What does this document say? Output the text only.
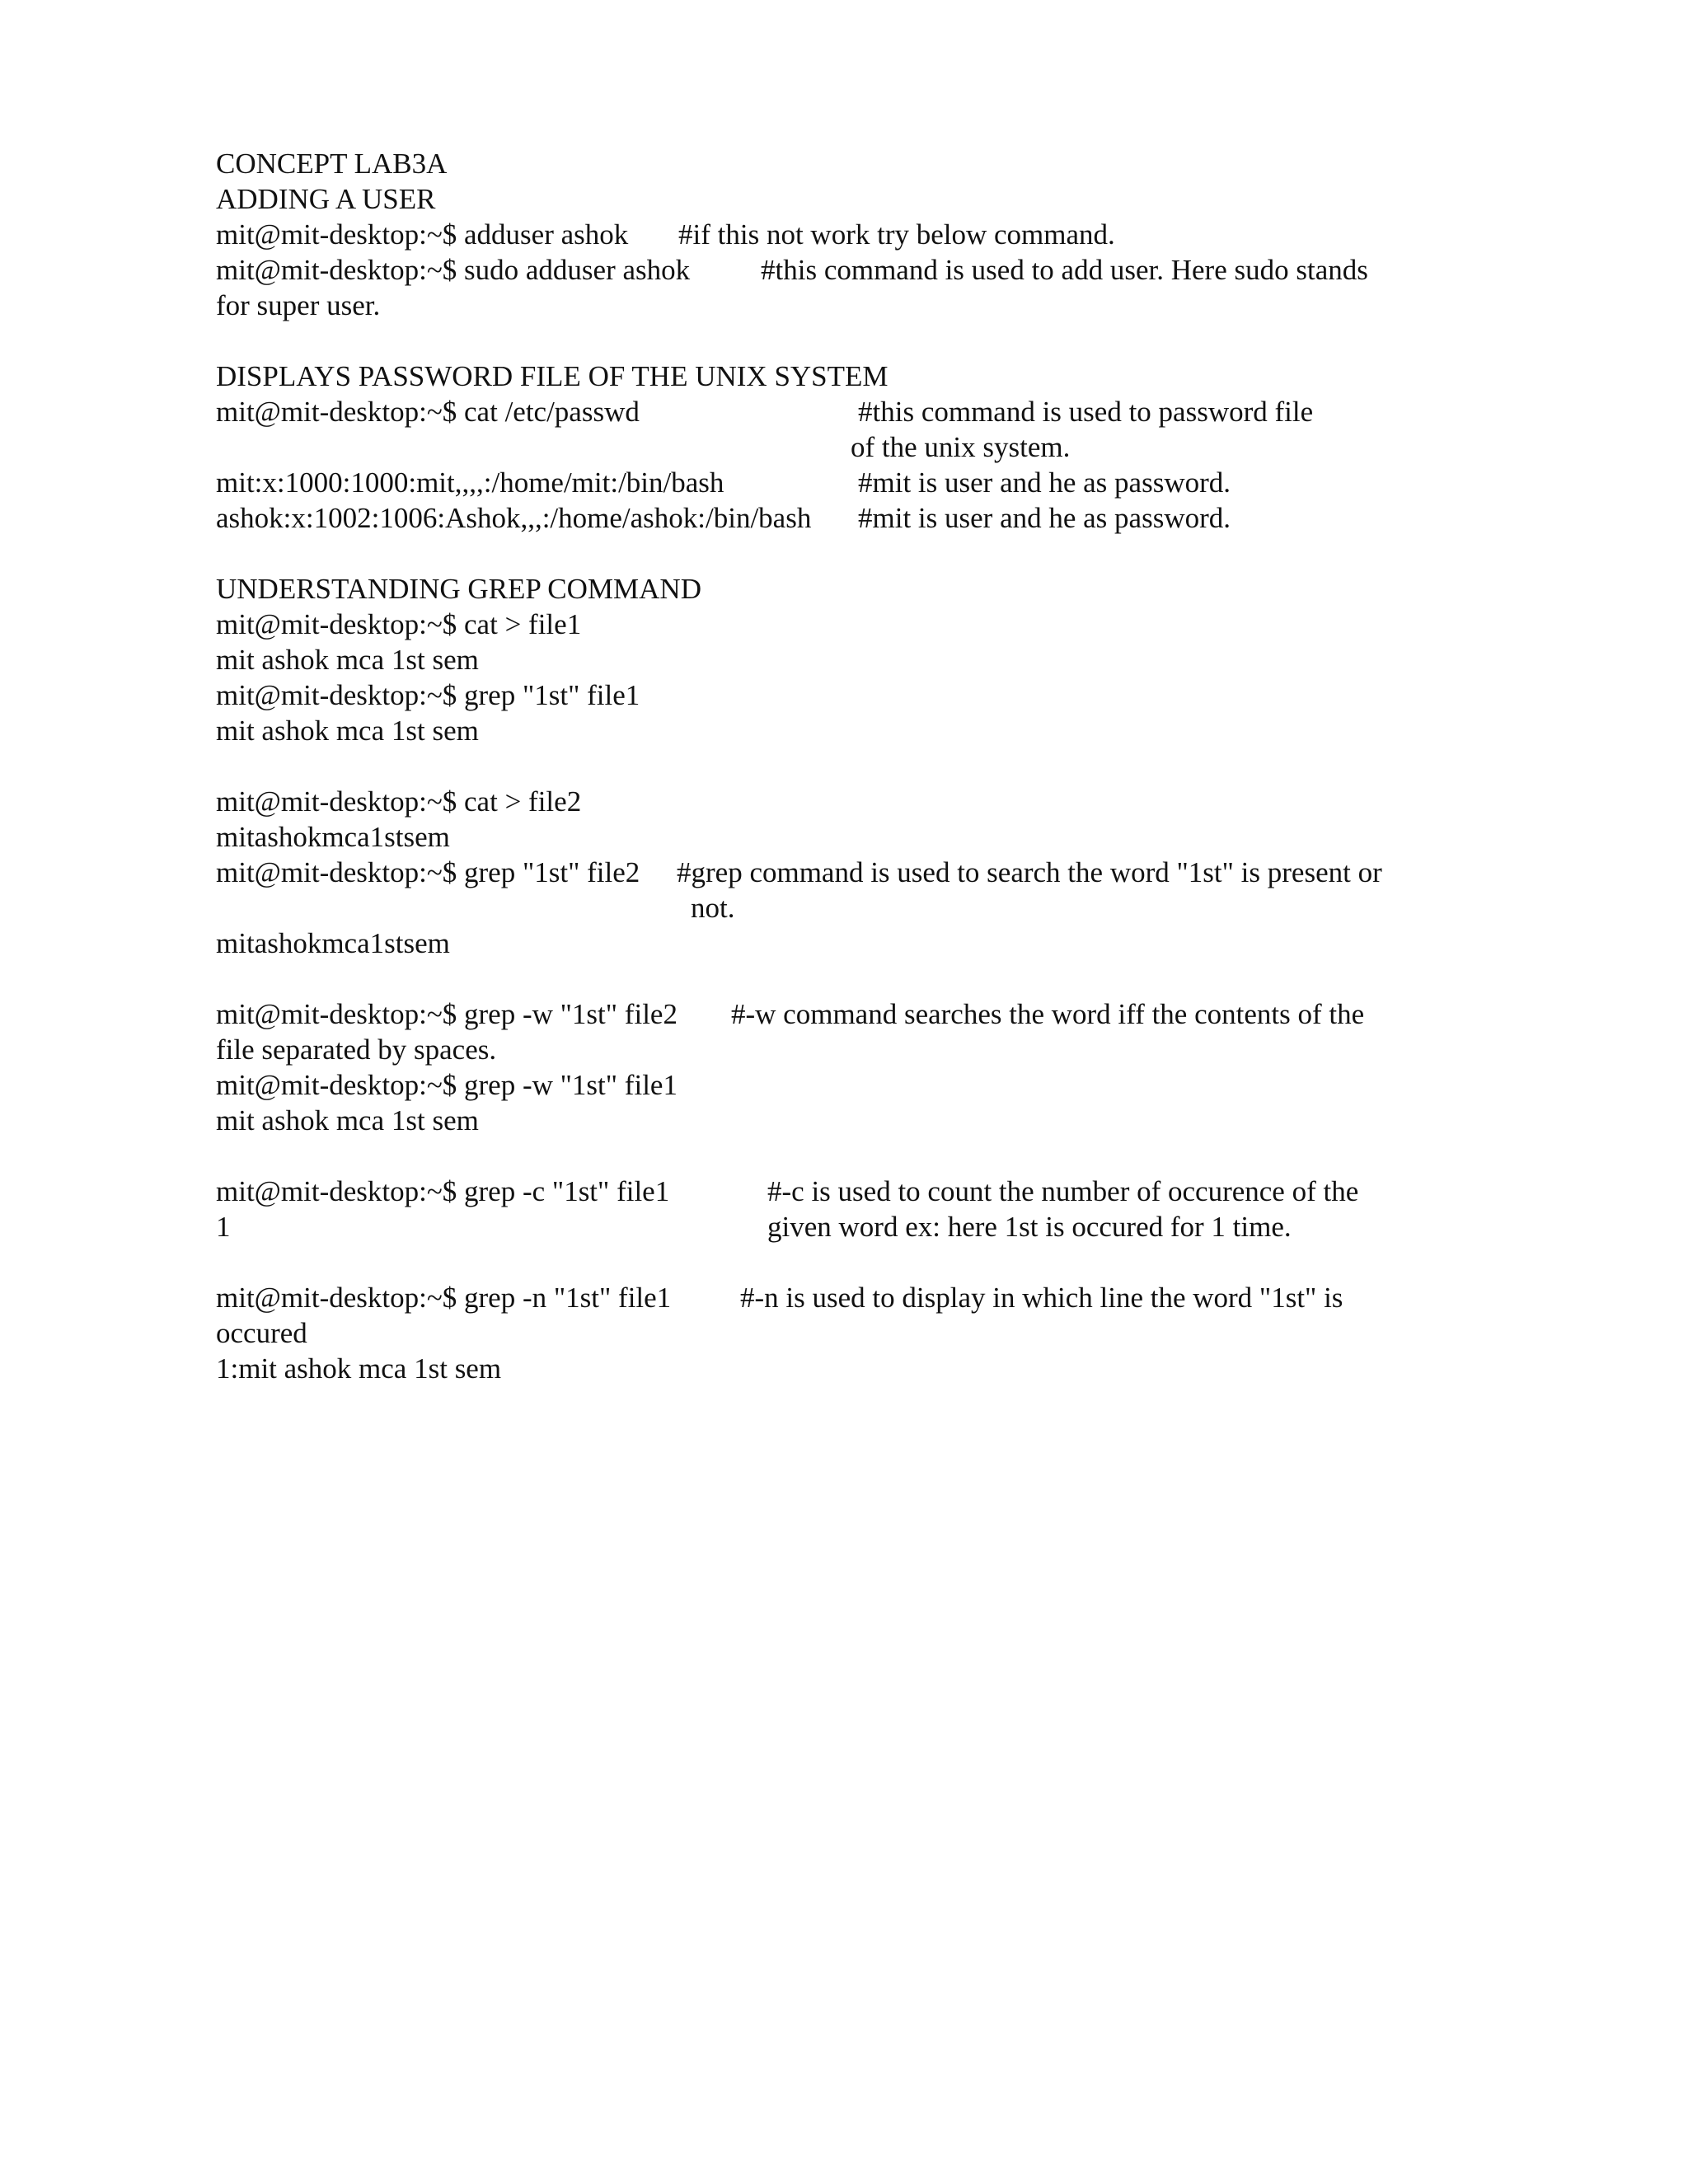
CONCEPT LAB3A

ADDING A USER

mit@mit-desktop:~$ adduser ashok

#if this not work try below command.

mit@mit-desktop:~$ sudo adduser ashok

#this command is used to add user. Here sudo stands

for super user.

DISPLAYS PASSWORD FILE OF THE UNIX SYSTEM

mit@mit-desktop:~$ cat /etc/passwd

	#this command is used to password file

of the unix system.

mit:x:1000:1000:mit,,,,:/home/mit:/bin/bash

	#mit is user and he as password.

ashok:x:1002:1006:Ashok,,,:/home/ashok:/bin/bash

#mit is user and he as password.

UNDERSTANDING GREP COMMAND

mit@mit-desktop:~$ cat > file1

mit ashok mca 1st sem

mit@mit-desktop:~$ grep "1st" file1

mit ashok mca 1st sem

mit@mit-desktop:~$ cat > file2

mitashokmca1stsem

mit@mit-desktop:~$ grep "1st" file2

#grep command is used to search the word "1st" is present or

not.

mitashokmca1stsem

mit@mit-desktop:~$ grep -w "1st" file2

#-w command searches the word iff the contents of the

file separated by spaces.

mit@mit-desktop:~$ grep -w "1st" file1

mit ashok mca 1st sem

mit@mit-desktop:~$ grep -c "1st" file1

	#-c is used to count the number of occurence of the

1

	given word ex: here 1st is occured for 1 time.

mit@mit-desktop:~$ grep -n "1st" file1

#-n is used to display in which line the word "1st" is

occured

1:mit ashok mca 1st sem
